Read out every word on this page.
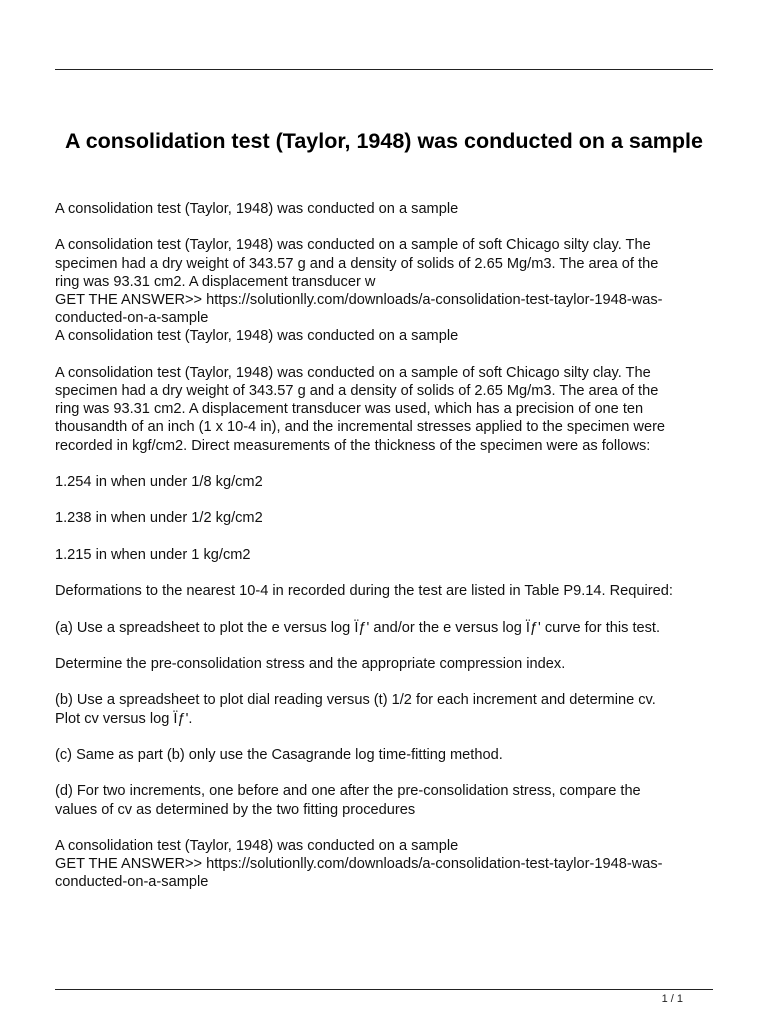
A consolidation test (Taylor, 1948) was conducted on a sample

A consolidation test (Taylor, 1948) was conducted on a sample

A consolidation test (Taylor, 1948) was conducted on a sample of soft Chicago silty clay. The
specimen had a dry weight of 343.57 g and a density of solids of 2.65 Mg/m3. The area of the
ring was 93.31 cm2. A displacement transducer w
GET THE ANSWER>> https://solutionlly.com/downloads/a-consolidation-test-taylor-1948-was-
conducted-on-a-sample
A consolidation test (Taylor, 1948) was conducted on a sample

A consolidation test (Taylor, 1948) was conducted on a sample of soft Chicago silty clay. The
specimen had a dry weight of 343.57 g and a density of solids of 2.65 Mg/m3. The area of the
ring was 93.31 cm2. A displacement transducer was used, which has a precision of one ten
thousandth of an inch (1 x 10-4 in), and the incremental stresses applied to the specimen were
recorded in kgf/cm2. Direct measurements of the thickness of the specimen were as follows:

1.254 in when under 1/8 kg/cm2

1.238 in when under 1/2 kg/cm2

1.215 in when under 1 kg/cm2

Deformations to the nearest 10-4 in recorded during the test are listed in Table P9.14. Required:

(a) Use a spreadsheet to plot the e versus log Ïƒ' and/or the e versus log Ïƒ' curve for this test.

Determine the pre-consolidation stress and the appropriate compression index.

(b) Use a spreadsheet to plot dial reading versus (t) 1/2 for each increment and determine cv.
Plot cv versus log Ïƒ'.

(c) Same as part (b) only use the Casagrande log time-fitting method.

(d) For two increments, one before and one after the pre-consolidation stress, compare the
values of cv as determined by the two fitting procedures

A consolidation test (Taylor, 1948) was conducted on a sample
GET THE ANSWER>> https://solutionlly.com/downloads/a-consolidation-test-taylor-1948-was-
conducted-on-a-sample

1 / 1
